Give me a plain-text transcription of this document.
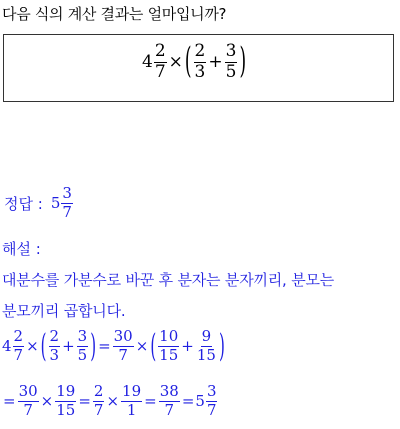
다음 식의 계산 결과는 얼마입니까?
$4 \frac{2}{7}$ × ( $\frac{2}{3} + \frac{3}{5}$ )
정답 : $5 \frac{3}{7}$
해설 :
대분수를 가분수로 바꾼 후 분자는 분자끼리, 분모는
분모끼리 곱합니다.
$4 \frac{2}{7}$ × ( $\frac{2}{3} + \frac{3}{5}$ ) = $\frac{30}{7}$ × ( $\frac{10}{15} + \frac{9}{15}$ )
= $\frac{30}{7} \times \frac{19}{15} = \frac{2}{7} \times \frac{19}{1} = \frac{38}{7} = 5 \frac{3}{7}$
